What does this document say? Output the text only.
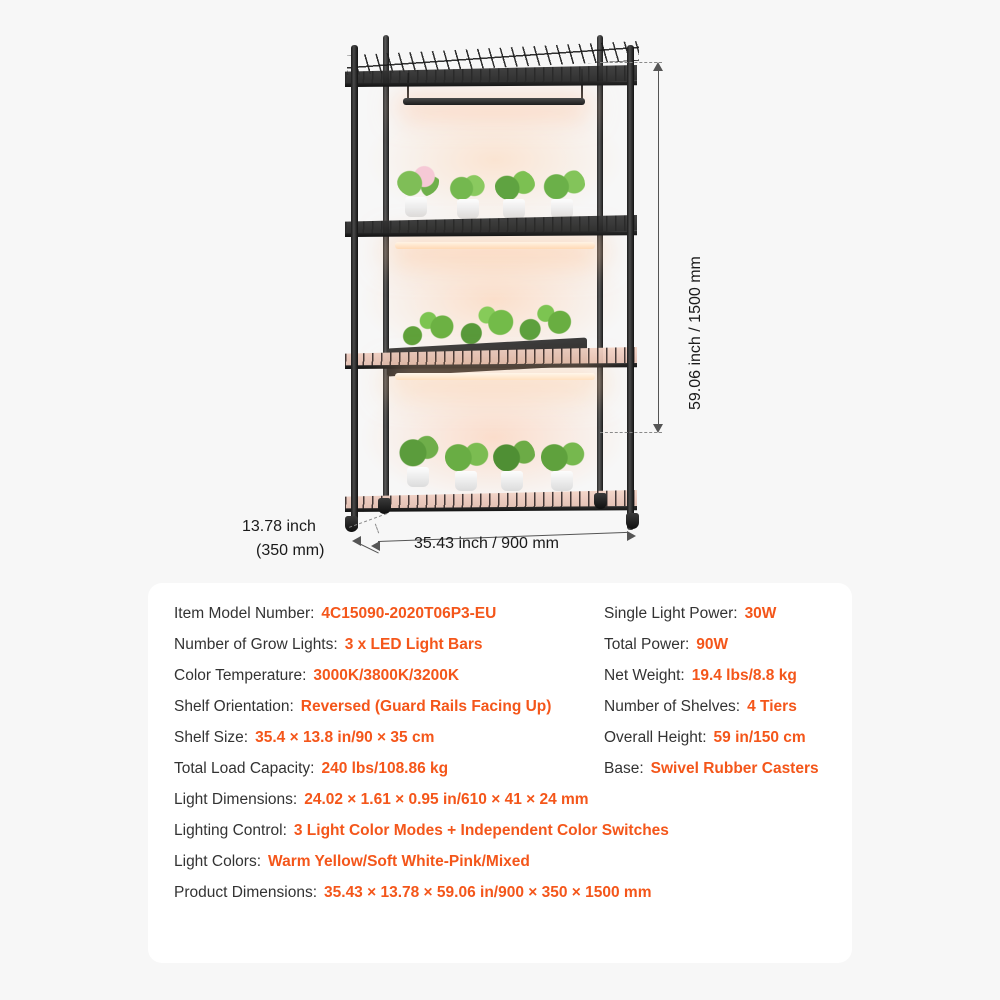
59.06 inch / 1500 mm
35.43 inch / 900 mm
13.78 inch
(350 mm)
Item Model Number: 4C15090-2020T06P3-EU	Single Light Power: 30W
Number of Grow Lights: 3 x LED Light Bars	Total Power: 90W
Color Temperature: 3000K/3800K/3200K	Net Weight: 19.4 lbs/8.8 kg
Shelf Orientation: Reversed (Guard Rails Facing Up)	Number of Shelves: 4 Tiers
Shelf Size: 35.4 × 13.8 in/90 × 35 cm	Overall Height: 59 in/150 cm
Total Load Capacity: 240 lbs/108.86 kg	Base: Swivel Rubber Casters
Light Dimensions: 24.02 × 1.61 × 0.95 in/610 × 41 × 24 mm
Lighting Control: 3 Light Color Modes + Independent Color Switches
Light Colors: Warm Yellow/Soft White-Pink/Mixed
Product Dimensions: 35.43 × 13.78 × 59.06 in/900 × 350 × 1500 mm
